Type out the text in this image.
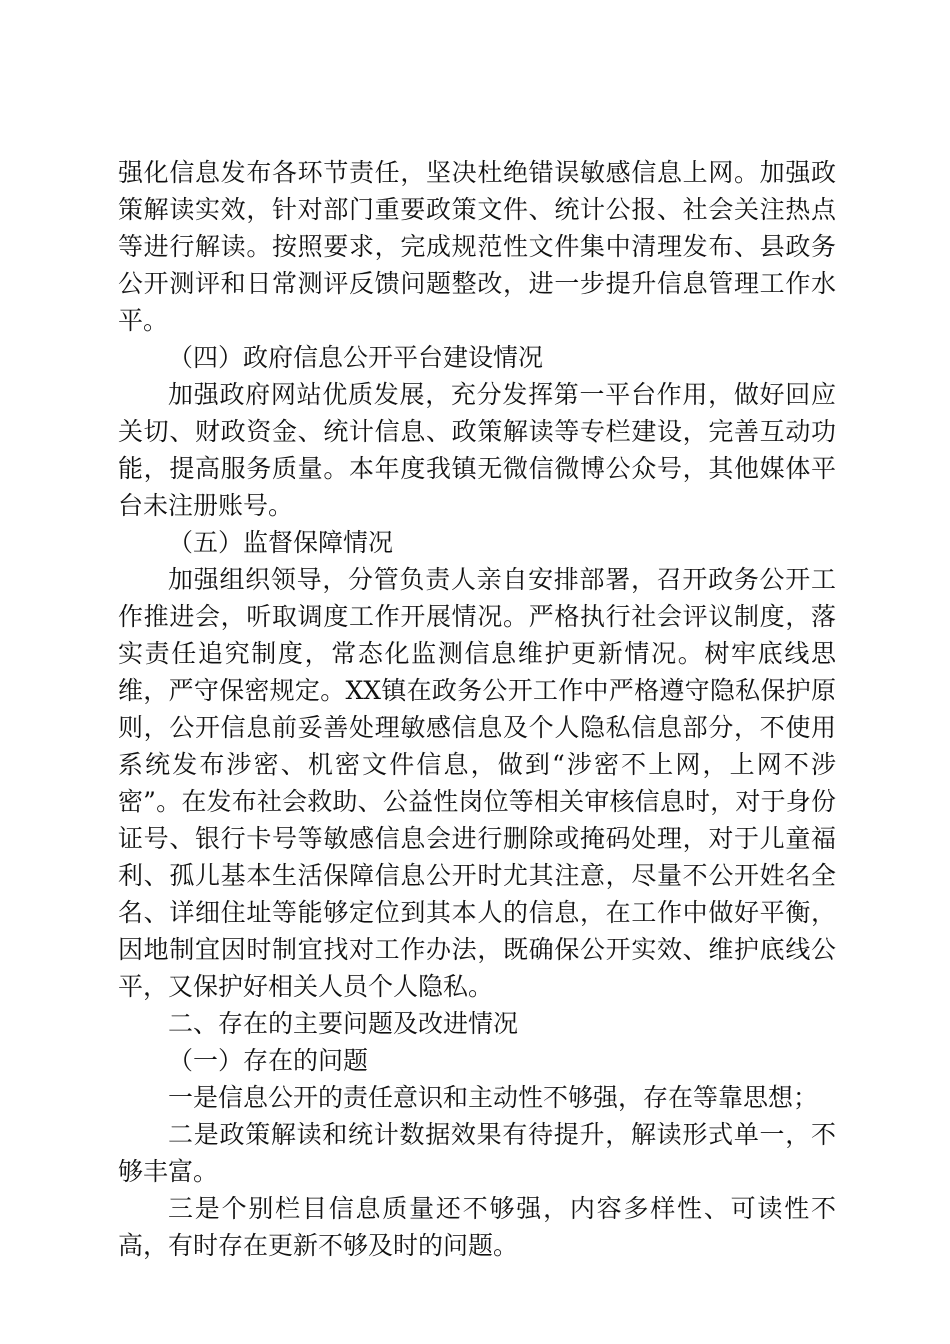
强化信息发布各环节责任，坚决杜绝错误敏感信息上网。加强政策解读实效，针对部门重要政策文件、统计公报、社会关注热点等进行解读。按照要求，完成规范性文件集中清理发布、县政务公开测评和日常测评反馈问题整改，进一步提升信息管理工作水平。

（四）政府信息公开平台建设情况

加强政府网站优质发展，充分发挥第一平台作用，做好回应关切、财政资金、统计信息、政策解读等专栏建设，完善互动功能，提高服务质量。本年度我镇无微信微博公众号，其他媒体平台未注册账号。

（五）监督保障情况

加强组织领导，分管负责人亲自安排部署，召开政务公开工作推进会，听取调度工作开展情况。严格执行社会评议制度，落实责任追究制度，常态化监测信息维护更新情况。树牢底线思维，严守保密规定。XX镇在政务公开工作中严格遵守隐私保护原则，公开信息前妥善处理敏感信息及个人隐私信息部分，不使用系统发布涉密、机密文件信息，做到“涉密不上网，上网不涉密”。在发布社会救助、公益性岗位等相关审核信息时，对于身份证号、银行卡号等敏感信息会进行删除或掩码处理，对于儿童福利、孤儿基本生活保障信息公开时尤其注意，尽量不公开姓名全名、详细住址等能够定位到其本人的信息，在工作中做好平衡，因地制宜因时制宜找对工作办法，既确保公开实效、维护底线公平，又保护好相关人员个人隐私。

二、存在的主要问题及改进情况

（一）存在的问题

一是信息公开的责任意识和主动性不够强，存在等靠思想；

二是政策解读和统计数据效果有待提升，解读形式单一，不够丰富。

三是个别栏目信息质量还不够强，内容多样性、可读性不高，有时存在更新不够及时的问题。
